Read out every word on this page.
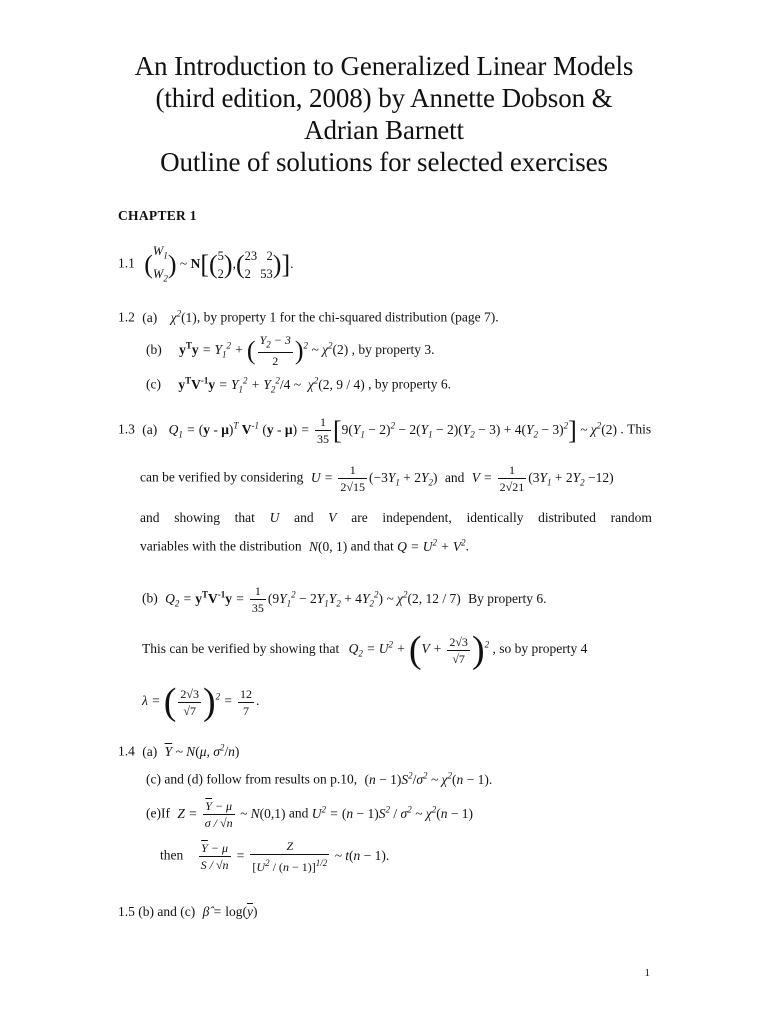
An Introduction to Generalized Linear Models
(third edition, 2008) by Annette Dobson &
Adrian Barnett
Outline of solutions for selected exercises
CHAPTER 1
1.1 ($W_1$
$W_2$) ~ N[(5
2),(23   2
2   53)].
1.2 (a) $\chi^2(1)$, by property 1 for the chi-squared distribution (page 7).
(b) $y^Ty = Y_1^2$ + ( $\frac{Y_2 - 3}{2} )^2$ ~ $\chi^2(2)$ , by property 3.
(c) $y^TV^{-1}y = Y_1^2 + Y_2^2/4$ ~  $\chi^2(2$, 9 / 4) , by property 6.
1.3 (a) $Q_1 = (y - \mu)^T$ $V^{-1}$ $(y - \mu) = \frac{1}{35} [9(Y_1 - 2)^2 - 2(Y_1 - 2)(Y_2 - 3) + 4(Y_2 - 3)^2]$ ~ $\chi^2(2)$ . This
can be verified by considering $U = \frac{1}{2√15} (-3Y_1 + 2Y_2)$ and $V = \frac{1}{2√21} (3Y_1 + 2Y_2 -12)$
and showing that U and V are independent, identically distributed random
variables with the distribution N(0, 1) and that $Q = U^2 + V^2$.
(b) $Q_2 = y^TV^{-1}y = \frac{1}{35} (9Y_1^2 - 2Y_1Y_2 + 4Y_2^2)$ ~ $\chi^2(2$, 12 / 7) By property 6.
This can be verified by showing that $Q_2 = U^2 + (V + \frac{2√3}{√7} )^2$ , so by property 4
λ = ( $\frac{2√3}{√7} )^2 = \frac{12}{7}$ .
1.4 (a) $\overline{Y}$ ~ N(μ, $\sigma^2/n$)
(c) and (d) follow from results on p.10, $(n - 1)S^2/\sigma^2$ ~ $\chi^2(n - 1)$.
(e)If $Z = \frac{\overline{Y} - \mu}{\sigma / √n}$ ~ N(0,1) and $U^2 = (n - 1)S^2 / \sigma^2$ ~ $\chi^2(n - 1)$
then $\frac{\overline{Y} - \mu}{S / √n} = \frac{Z}{[U^2 / (n - 1)]^{1/2}}$ ~ t(n − 1).
1.5 (b) and (c) β̂ = $\log(\overline{y})$
1
